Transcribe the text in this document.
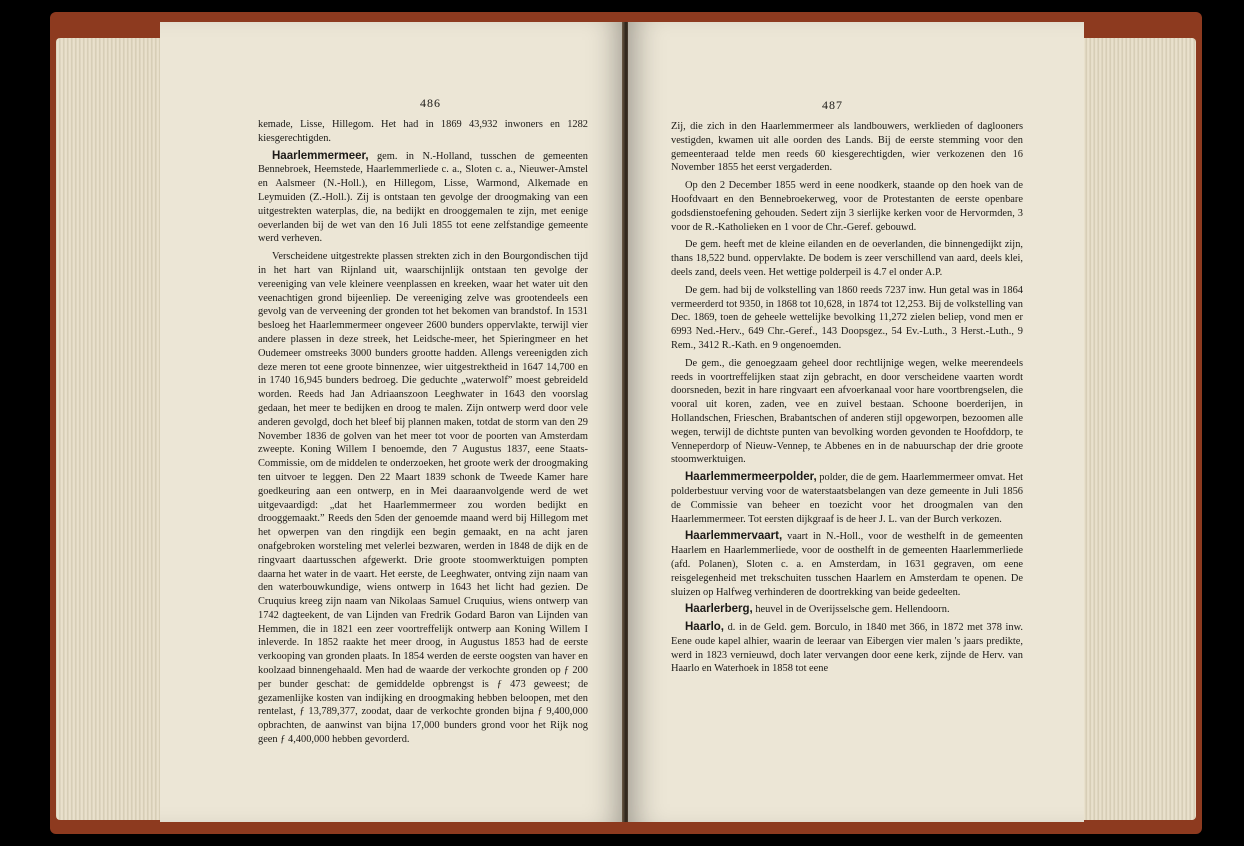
486

kemade, Lisse, Hillegom. Het had in 1869 43,932 inwoners en 1282 kiesgerechtigden.

Haarlemmermeer, gem. in N.-Holland, tusschen de gemeenten Bennebroek, Heemstede, Haarlemmerliede c. a., Sloten c. a., Nieuwer-Amstel en Aalsmeer (N.-Holl.), en Hillegom, Lisse, Warmond, Alkemade en Leymuiden (Z.-Holl.). Zij is ontstaan ten gevolge der droogmaking van een uitgestrekten waterplas, die, na bedijkt en drooggemalen te zijn, met eenige oeverlanden bij de wet van den 16 Juli 1855 tot eene zelfstandige gemeente werd verheven.

Verscheidene uitgestrekte plassen strekten zich in den Bourgondischen tijd in het hart van Rijnland uit, waarschijnlijk ontstaan ten gevolge der vereeniging van vele kleinere veenplassen en kreeken, waar het water uit den veenachtigen grond bijeenliep. De vereeniging zelve was grootendeels een gevolg van de verveening der gronden tot het bekomen van brandstof. In 1531 besloeg het Haarlemmermeer ongeveer 2600 bunders oppervlakte, terwijl vier andere plassen in deze streek, het Leidsche-meer, het Spieringmeer en het Oudemeer omstreeks 3000 bunders grootte hadden. Allengs vereenigden zich deze meren tot eene groote binnenzee, wier uitgestrektheid in 1647 14,700 en in 1740 16,945 bunders bedroeg. Die geduchte „waterwolf” moest gebreideld worden. Reeds had Jan Adriaanszoon Leeghwater in 1643 den voorslag gedaan, het meer te bedijken en droog te malen. Zijn ontwerp werd door vele anderen gevolgd, doch het bleef bij plannen maken, totdat de storm van den 29 November 1836 de golven van het meer tot voor de poorten van Amsterdam zweepte. Koning Willem I benoemde, den 7 Augustus 1837, eene Staats-Commissie, om de middelen te onderzoeken, het groote werk der droogmaking ten uitvoer te leggen. Den 22 Maart 1839 schonk de Tweede Kamer hare goedkeuring aan een ontwerp, en in Mei daaraanvolgende werd de wet uitgevaardigd: „dat het Haarlemmermeer zou worden bedijkt en drooggemaakt.” Reeds den 5den der genoemde maand werd bij Hillegom met het opwerpen van den ringdijk een begin gemaakt, en na acht jaren onafgebroken worsteling met velerlei bezwaren, werden in 1848 de dijk en de ringvaart daartusschen afgewerkt. Drie groote stoomwerktuigen pompten daarna het water in de vaart. Het eerste, de Leeghwater, ontving zijn naam van den waterbouwkundige, wiens ontwerp in 1643 het licht had gezien. De Cruquius kreeg zijn naam van Nikolaas Samuel Cruquius, wiens ontwerp van 1742 dagteekent, de van Lijnden van Fredrik Godard Baron van Lijnden van Hemmen, die in 1821 een zeer voortreffelijk ontwerp aan Koning Willem I inleverde. In 1852 raakte het meer droog, in Augustus 1853 had de eerste verkooping van gronden plaats. In 1854 werden de eerste oogsten van haver en koolzaad binnengehaald. Men had de waarde der verkochte gronden op ƒ 200 per bunder geschat: de gemiddelde opbrengst is ƒ 473 geweest; de gezamenlijke kosten van indijking en droogmaking hebben beloopen, met den rentelast, ƒ 13,789,377, zoodat, daar de verkochte gronden bijna ƒ 9,400,000 opbrachten, de aanwinst van bijna 17,000 bunders grond voor het Rijk nog geen ƒ 4,400,000 hebben gevorderd.

487

Zij, die zich in den Haarlemmermeer als landbouwers, werklieden of daglooners vestigden, kwamen uit alle oorden des Lands. Bij de eerste stemming voor den gemeenteraad telde men reeds 60 kiesgerechtigden, wier verkozenen den 16 November 1855 het eerst vergaderden.

Op den 2 December 1855 werd in eene noodkerk, staande op den hoek van de Hoofdvaart en den Bennebroekerweg, voor de Protestanten de eerste openbare godsdienstoefening gehouden. Sedert zijn 3 sierlijke kerken voor de Hervormden, 3 voor de R.-Katholieken en 1 voor de Chr.-Geref. gebouwd.

De gem. heeft met de kleine eilanden en de oeverlanden, die binnengedijkt zijn, thans 18,522 bund. oppervlakte. De bodem is zeer verschillend van aard, deels klei, deels zand, deels veen. Het wettige polderpeil is 4.7 el onder A.P.

De gem. had bij de volkstelling van 1860 reeds 7237 inw. Hun getal was in 1864 vermeerderd tot 9350, in 1868 tot 10,628, in 1874 tot 12,253. Bij de volkstelling van Dec. 1869, toen de geheele wettelijke bevolking 11,272 zielen beliep, vond men er 6993 Ned.-Herv., 649 Chr.-Geref., 143 Doopsgez., 54 Ev.-Luth., 3 Herst.-Luth., 9 Rem., 3412 R.-Kath. en 9 ongenoemden.

De gem., die genoegzaam geheel door rechtlijnige wegen, welke meerendeels reeds in voortreffelijken staat zijn gebracht, en door verscheidene vaarten wordt doorsneden, bezit in hare ringvaart een afvoerkanaal voor hare voortbrengselen, die vooral uit koren, zaden, vee en zuivel bestaan. Schoone boerderijen, in Hollandschen, Frieschen, Brabantschen of anderen stijl opgeworpen, bezoomen alle wegen, terwijl de dichtste punten van bevolking worden gevonden te Hoofddorp, te Venneperdorp of Nieuw-Vennep, te Abbenes en in de nabuurschap der drie groote stoomwerktuigen.

Haarlemmermeerpolder, polder, die de gem. Haarlemmermeer omvat. Het polderbestuur verving voor de waterstaatsbelangen van deze gemeente in Juli 1856 de Commissie van beheer en toezicht voor het droogmalen van den Haarlemmermeer. Tot eersten dijkgraaf is de heer J. L. van der Burch verkozen.

Haarlemmervaart, vaart in N.-Holl., voor de westhelft in de gemeenten Haarlem en Haarlemmerliede, voor de oosthelft in de gemeenten Haarlemmerliede (afd. Polanen), Sloten c. a. en Amsterdam, in 1631 gegraven, om eene reisgelegenheid met trekschuiten tusschen Haarlem en Amsterdam te openen. De sluizen op Halfweg verhinderen de doortrekking van beide gedeelten.

Haarlerberg, heuvel in de Overijsselsche gem. Hellendoorn.

Haarlo, d. in de Geld. gem. Borculo, in 1840 met 366, in 1872 met 378 inw. Eene oude kapel alhier, waarin de leeraar van Eibergen vier malen 's jaars predikte, werd in 1823 vernieuwd, doch later vervangen door eene kerk, zijnde de Herv. van Haarlo en Waterhoek in 1858 tot eene
